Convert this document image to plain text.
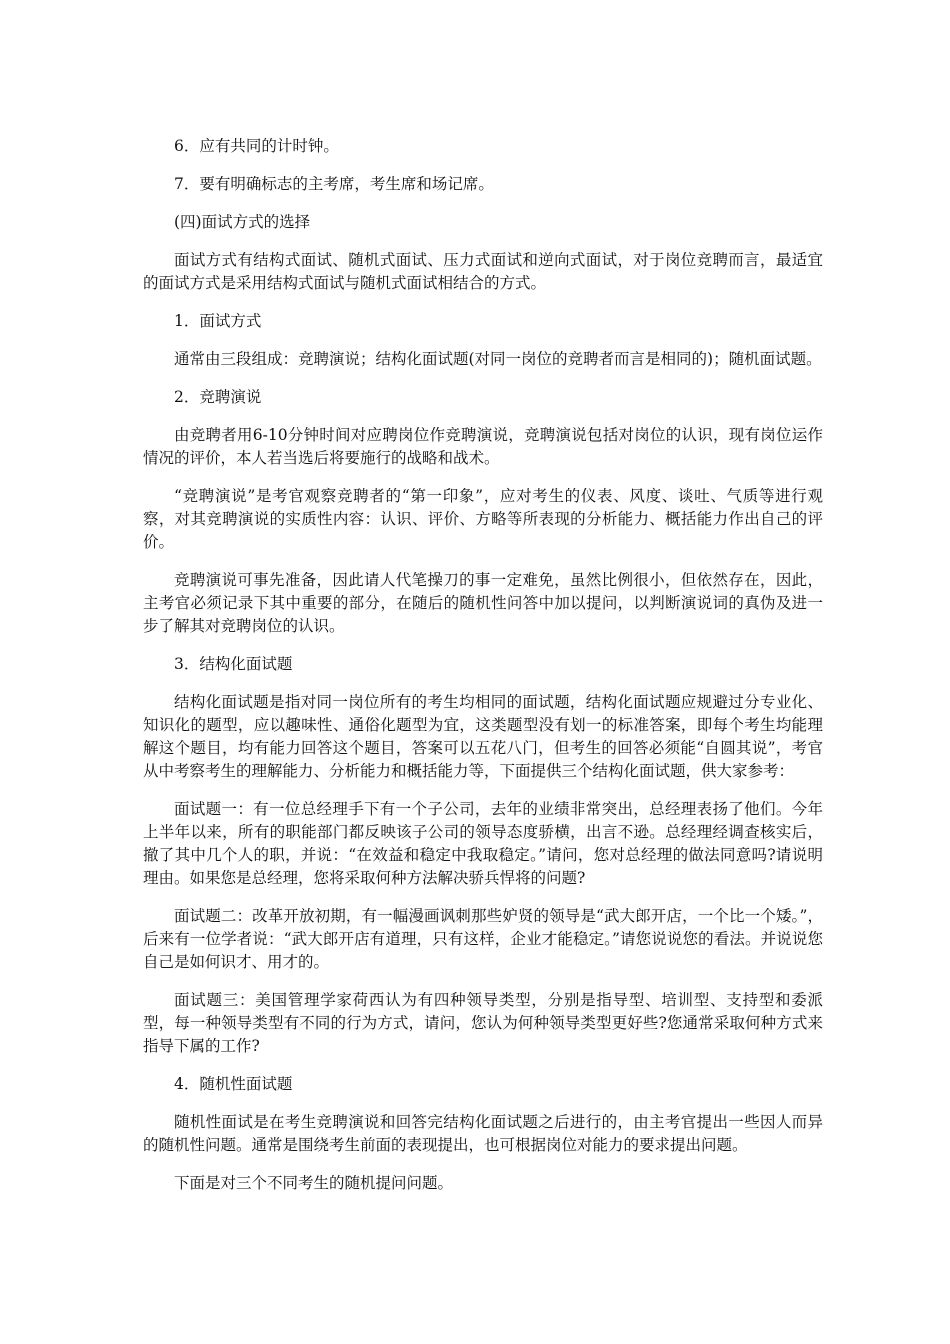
6．应有共同的计时钟。

7．要有明确标志的主考席，考生席和场记席。

(四)面试方式的选择

面试方式有结构式面试、随机式面试、压力式面试和逆向式面试，对于岗位竞聘而言，最适宜的面试方式是采用结构式面试与随机式面试相结合的方式。

1．面试方式

通常由三段组成：竞聘演说；结构化面试题(对同一岗位的竞聘者而言是相同的)；随机面试题。

2．竞聘演说

由竞聘者用6-10分钟时间对应聘岗位作竞聘演说，竞聘演说包括对岗位的认识，现有岗位运作情况的评价，本人若当选后将要施行的战略和战术。

“竞聘演说”是考官观察竞聘者的“第一印象”，应对考生的仪表、风度、谈吐、气质等进行观察，对其竞聘演说的实质性内容：认识、评价、方略等所表现的分析能力、概括能力作出自己的评价。

竞聘演说可事先准备，因此请人代笔操刀的事一定难免，虽然比例很小，但依然存在，因此，主考官必须记录下其中重要的部分，在随后的随机性问答中加以提问，以判断演说词的真伪及进一步了解其对竞聘岗位的认识。

3．结构化面试题

结构化面试题是指对同一岗位所有的考生均相同的面试题，结构化面试题应规避过分专业化、知识化的题型，应以趣味性、通俗化题型为宜，这类题型没有划一的标准答案，即每个考生均能理解这个题目，均有能力回答这个题目，答案可以五花八门，但考生的回答必须能“自圆其说”，考官从中考察考生的理解能力、分析能力和概括能力等，下面提供三个结构化面试题，供大家参考：

面试题一：有一位总经理手下有一个子公司，去年的业绩非常突出，总经理表扬了他们。今年上半年以来，所有的职能部门都反映该子公司的领导态度骄横，出言不逊。总经理经调查核实后，撤了其中几个人的职，并说：“在效益和稳定中我取稳定。”请问，您对总经理的做法同意吗?请说明理由。如果您是总经理，您将采取何种方法解决骄兵悍将的问题?

面试题二：改革开放初期，有一幅漫画讽刺那些妒贤的领导是“武大郎开店，一个比一个矮。”，后来有一位学者说：“武大郎开店有道理，只有这样，企业才能稳定。”请您说说您的看法。并说说您自己是如何识才、用才的。

面试题三：美国管理学家荷西认为有四种领导类型，分别是指导型、培训型、支持型和委派型，每一种领导类型有不同的行为方式，请问，您认为何种领导类型更好些?您通常采取何种方式来指导下属的工作?

4．随机性面试题

随机性面试是在考生竞聘演说和回答完结构化面试题之后进行的，由主考官提出一些因人而异的随机性问题。通常是围绕考生前面的表现提出，也可根据岗位对能力的要求提出问题。

下面是对三个不同考生的随机提问问题。
